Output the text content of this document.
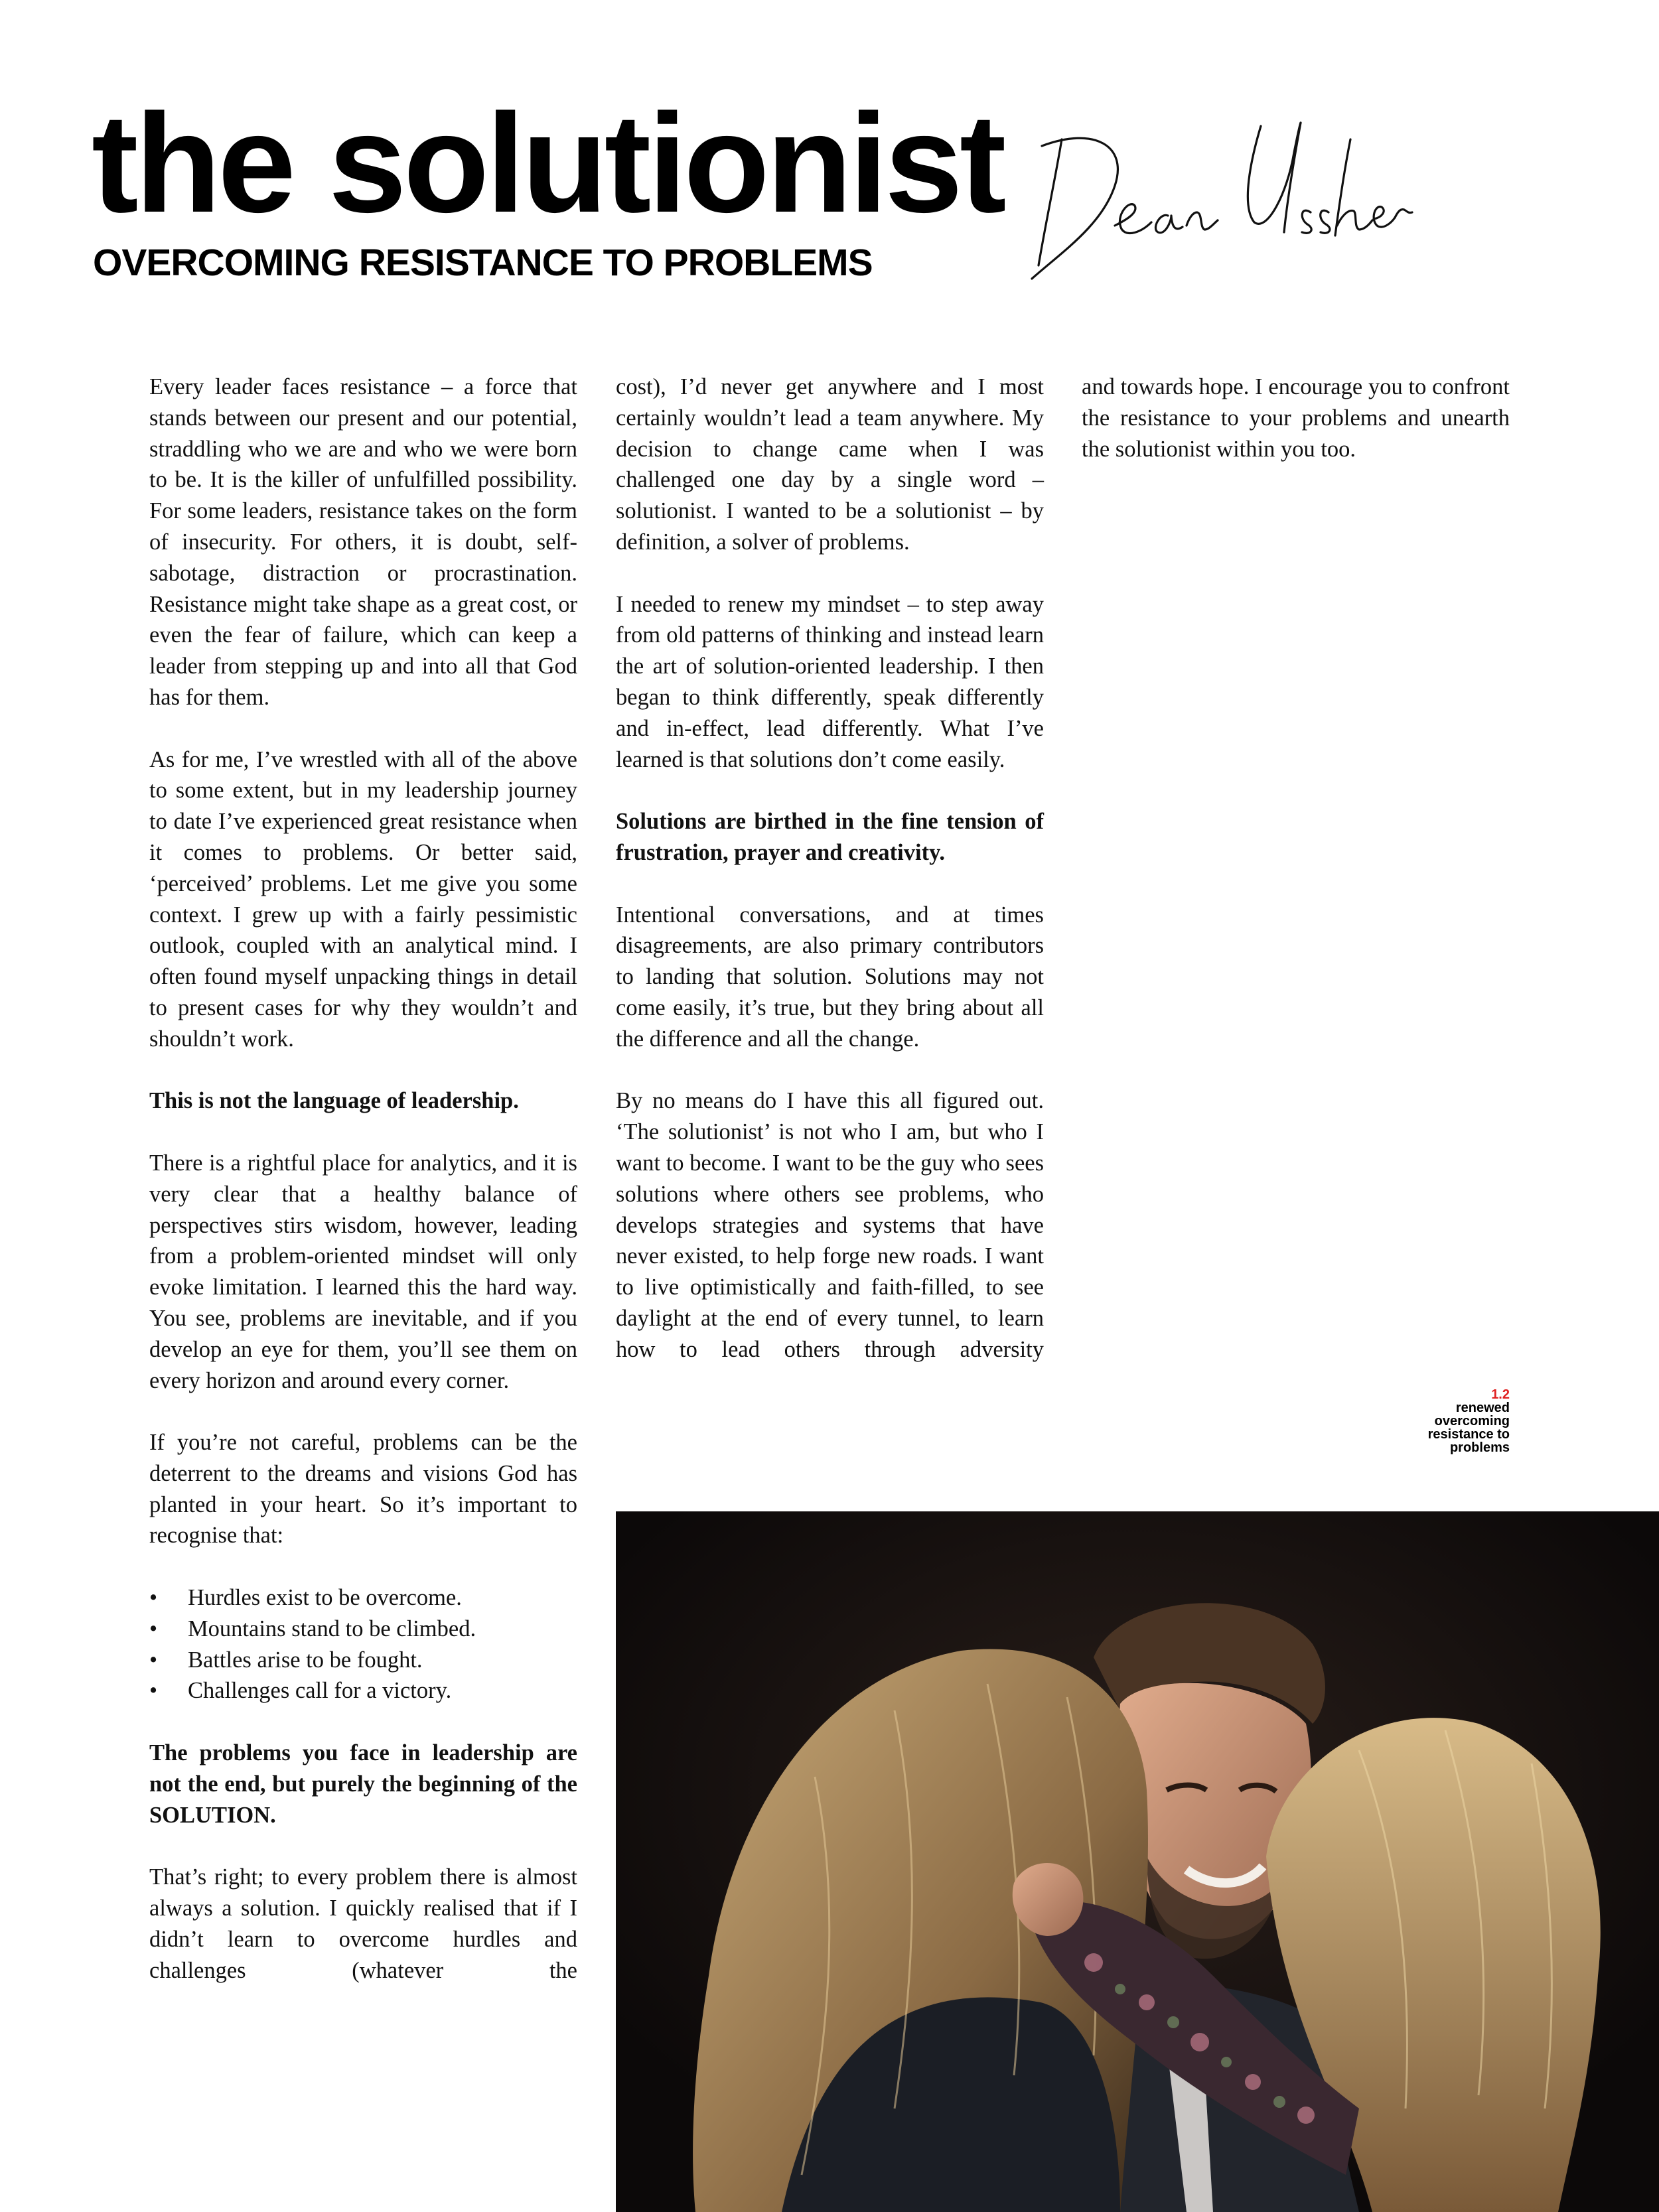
the solutionist
OVERCOMING RESISTANCE TO PROBLEMS

Every leader faces resistance – a force that stands between our present and our potential, straddling who we are and who we were born to be. It is the killer of unfulfilled possibility. For some leaders, resistance takes on the form of insecurity. For others, it is doubt, self-sabotage, distraction or procrastination. Resistance might take shape as a great cost, or even the fear of failure, which can keep a leader from stepping up and into all that God has for them.

As for me, I’ve wrestled with all of the above to some extent, but in my leadership journey to date I’ve experienced great resistance when it comes to problems. Or better said, ‘perceived’ problems. Let me give you some context. I grew up with a fairly pessimistic outlook, coupled with an analytical mind. I often found myself unpacking things in detail to present cases for why they wouldn’t and shouldn’t work.

This is not the language of leadership.

There is a rightful place for analytics, and it is very clear that a healthy balance of perspectives stirs wisdom, however, leading from a problem-oriented mindset will only evoke limitation. I learned this the hard way. You see, problems are inevitable, and if you develop an eye for them, you’ll see them on every horizon and around every corner.

If you’re not careful, problems can be the deterrent to the dreams and visions God has planted in your heart. So it’s important to recognise that:

• Hurdles exist to be overcome.
• Mountains stand to be climbed.
• Battles arise to be fought.
• Challenges call for a victory.

The problems you face in leadership are not the end, but purely the beginning of the SOLUTION.

That’s right; to every problem there is almost always a solution. I quickly realised that if I didn’t learn to overcome hurdles and challenges (whatever the

cost), I’d never get anywhere and I most certainly wouldn’t lead a team anywhere. My decision to change came when I was challenged one day by a single word – solutionist. I wanted to be a solutionist – by definition, a solver of problems.

I needed to renew my mindset – to step away from old patterns of thinking and instead learn the art of solution-oriented leadership. I then began to think differently, speak differently and in-effect, lead differently. What I’ve learned is that solutions don’t come easily.

Solutions are birthed in the fine tension of frustration, prayer and creativity.

Intentional conversations, and at times disagreements, are also primary contributors to landing that solution. Solutions may not come easily, it’s true, but they bring about all the difference and all the change.

By no means do I have this all figured out. ‘The solutionist’ is not who I am, but who I want to become. I want to be the guy who sees solutions where others see problems, who develops strategies and systems that have never existed, to help forge new roads. I want to live optimistically and faith-filled, to see daylight at the end of every tunnel, to learn how to lead others through adversity

and towards hope. I encourage you to confront the resistance to your problems and unearth the solutionist within you too.

1.2
renewed
overcoming
resistance to
problems
